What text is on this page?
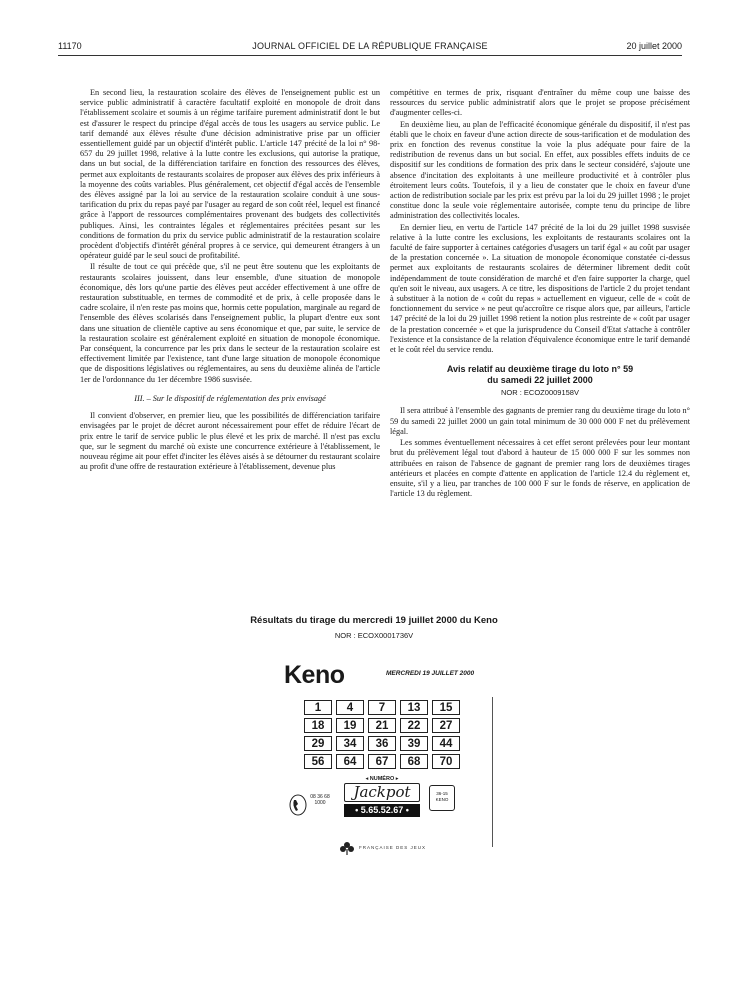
11170	JOURNAL OFFICIEL DE LA RÉPUBLIQUE FRANÇAISE	20 juillet 2000

En second lieu, la restauration scolaire des élèves de l'enseignement public est un service public administratif à caractère facultatif exploité en monopole de droit dans l'établissement scolaire et soumis à un régime tarifaire purement administratif dont le but est d'assurer le respect du principe d'égal accès de tous les usagers au service public. Le tarif demandé aux élèves résulte d'une décision administrative prise par un officier essentiellement guidé par un objectif d'intérêt public. L'article 147 précité de la loi n° 98-657 du 29 juillet 1998, relative à la lutte contre les exclusions, qui autorise la pratique, dans un but social, de la différenciation tarifaire en fonction des ressources des élèves, permet aux exploitants de restaurants scolaires de proposer aux élèves des prix inférieurs à la moyenne des coûts variables. Plus généralement, cet objectif d'égal accès de l'ensemble des élèves assigné par la loi au service de la restauration scolaire conduit à une sous-tarification du prix du repas payé par l'usager au regard de son coût réel, lequel est financé grâce à l'apport de ressources complémentaires provenant des budgets des collectivités publiques. Ainsi, les contraintes légales et réglementaires précitées pesant sur les conditions de formation du prix du service public administratif de la restauration scolaire procèdent d'objectifs d'intérêt général propres à ce service, qui demeurent étrangers à un opérateur guidé par le seul souci de profitabilité.

Il résulte de tout ce qui précède que, s'il ne peut être soutenu que les exploitants de restaurants scolaires jouissent, dans leur ensemble, d'une situation de monopole économique, dès lors qu'une partie des élèves peut accéder effectivement à une offre de restauration substituable, en termes de commodité et de prix, à celle proposée dans le cadre scolaire, il n'en reste pas moins que, hormis cette population, marginale au regard de l'ensemble des élèves scolarisés dans l'enseignement public, la plupart d'entre eux sont dans une situation de clientèle captive au sens économique et que, par suite, le service de la restauration scolaire est généralement exploité en situation de monopole économique. Par conséquent, la concurrence par les prix dans le secteur de la restauration scolaire est effectivement limitée par l'existence, tant d'une large situation de monopole économique que de dispositions législatives ou réglementaires, au sens du deuxième alinéa de l'article 1er de l'ordonnance du 1er décembre 1986 susvisée.

III. – Sur le dispositif de réglementation des prix envisagé

Il convient d'observer, en premier lieu, que les possibilités de différenciation tarifaire envisagées par le projet de décret auront nécessairement pour effet de réduire l'écart de prix entre le tarif de service public le plus élevé et les prix de marché. Il n'est pas exclu que, sur le segment du marché où existe une concurrence extérieure à l'établissement, le nouveau régime ait pour effet d'inciter les élèves aisés à se détourner du restaurant scolaire au profit d'une offre de restauration extérieure à l'établissement, devenue plus

compétitive en termes de prix, risquant d'entraîner du même coup une baisse des ressources du service public administratif alors que le projet se propose précisément d'augmenter celles-ci.

En deuxième lieu, au plan de l'efficacité économique générale du dispositif, il n'est pas établi que le choix en faveur d'une action directe de sous-tarification et de modulation des prix en fonction des revenus constitue la voie la plus adéquate pour faire de la redistribution de revenus dans un but social. En effet, aux possibles effets induits de ce dispositif sur les conditions de formation des prix dans le secteur considéré, s'ajoute une absence d'incitation des exploitants à une meilleure productivité et à contrôler plus étroitement leurs coûts. Toutefois, il y a lieu de constater que le choix en faveur d'une action de redistribution sociale par les prix est prévu par la loi du 29 juillet 1998 ; le projet constitue donc la seule voie réglementaire autorisée, compte tenu du principe de libre administration des collectivités locales.

En dernier lieu, en vertu de l'article 147 précité de la loi du 29 juillet 1998 susvisée relative à la lutte contre les exclusions, les exploitants de restaurants scolaires ont la faculté de faire supporter à certaines catégories d'usagers un tarif égal « au coût par usager de la prestation concernée ». La situation de monopole économique constatée ci-dessus permet aux exploitants de restaurants scolaires de déterminer librement dedit coût indépendamment de toute considération de marché et d'en faire supporter la charge, quel qu'en soit le niveau, aux usagers. A ce titre, les dispositions de l'article 2 du projet tendant à substituer à la notion de « coût du repas » actuellement en vigueur, celle de « coût de fonctionnement du service » ne peut qu'accroître ce risque alors que, par ailleurs, l'article 147 précité de la loi du 29 juillet 1998 retient la notion plus restreinte de « coût par usager de la prestation concernée » et que la jurisprudence du Conseil d'Etat s'attache à contrôler l'existence et la consistance de la relation d'équivalence économique entre le tarif demandé et le coût réel du service rendu.

Avis relatif au deuxième tirage du loto n° 59
du samedi 22 juillet 2000
NOR : ECOZ0009158V

Il sera attribué à l'ensemble des gagnants de premier rang du deuxième tirage du loto n° 59 du samedi 22 juillet 2000 un gain total minimum de 30 000 000 F net du prélèvement légal.

Les sommes éventuellement nécessaires à cet effet seront prélevées pour leur montant brut du prélèvement légal tout d'abord à hauteur de 15 000 000 F sur les sommes non attribuées en raison de l'absence de gagnant de premier rang lors de deuxièmes tirages antérieurs et placées en compte d'attente en application de l'article 12.4 du règlement et, ensuite, s'il y a lieu, par tranches de 100 000 F sur le fonds de réserve, en application de l'article 13 du règlement.

Résultats du tirage du mercredi 19 juillet 2000 du Keno
NOR : ECOX0001736V
Keno	MERCREDI 19 JUILLET 2000
1	4	7	13	15
18	19	21	22	27
29	34	36	39	44
56	64	67	68	70
08 36 68
1000
◂ NUMÉRO ▸
Jackpot
• 5.65.52.67 •
36-15
KENO
FRANÇAISE DES JEUX
